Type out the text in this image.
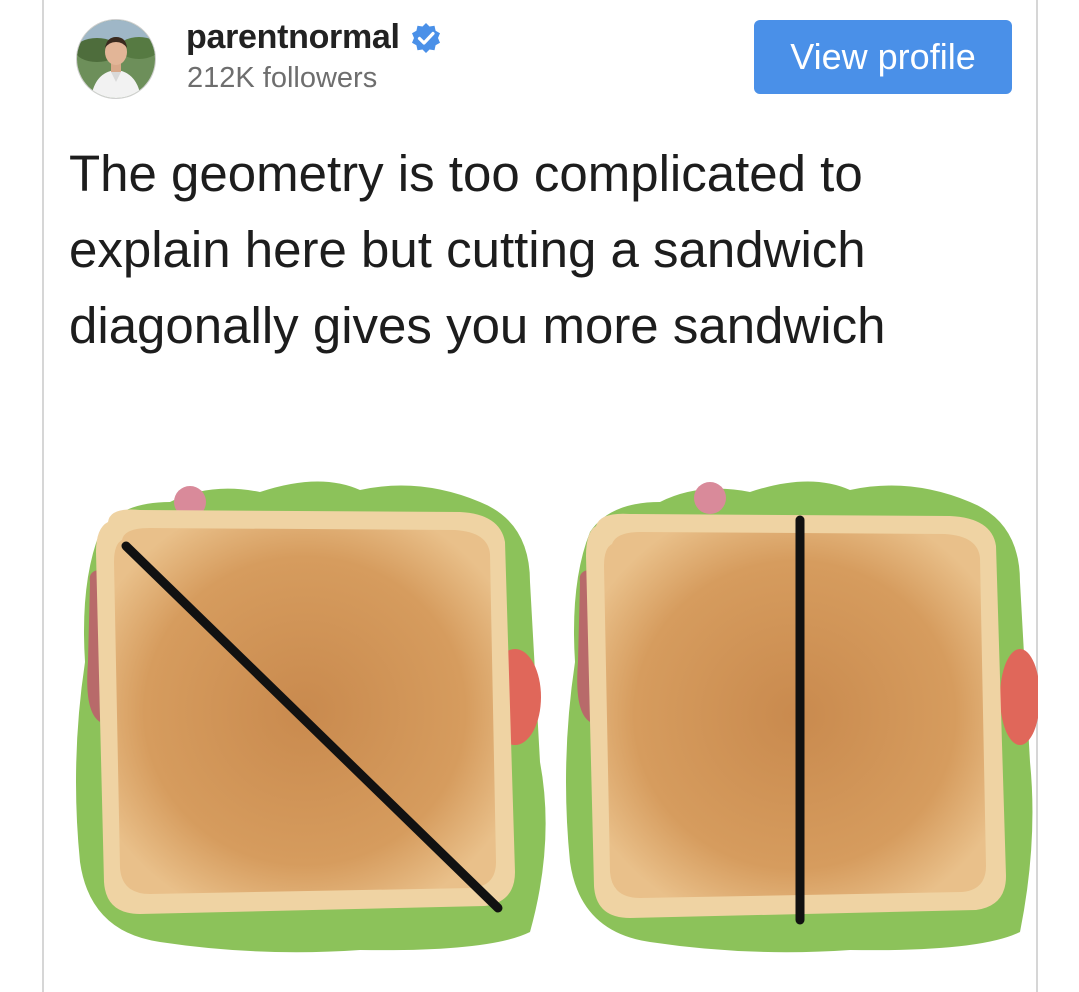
parentnormal
212K followers
View profile

The geometry is too complicated to explain here but cutting a sandwich diagonally gives you more sandwich
